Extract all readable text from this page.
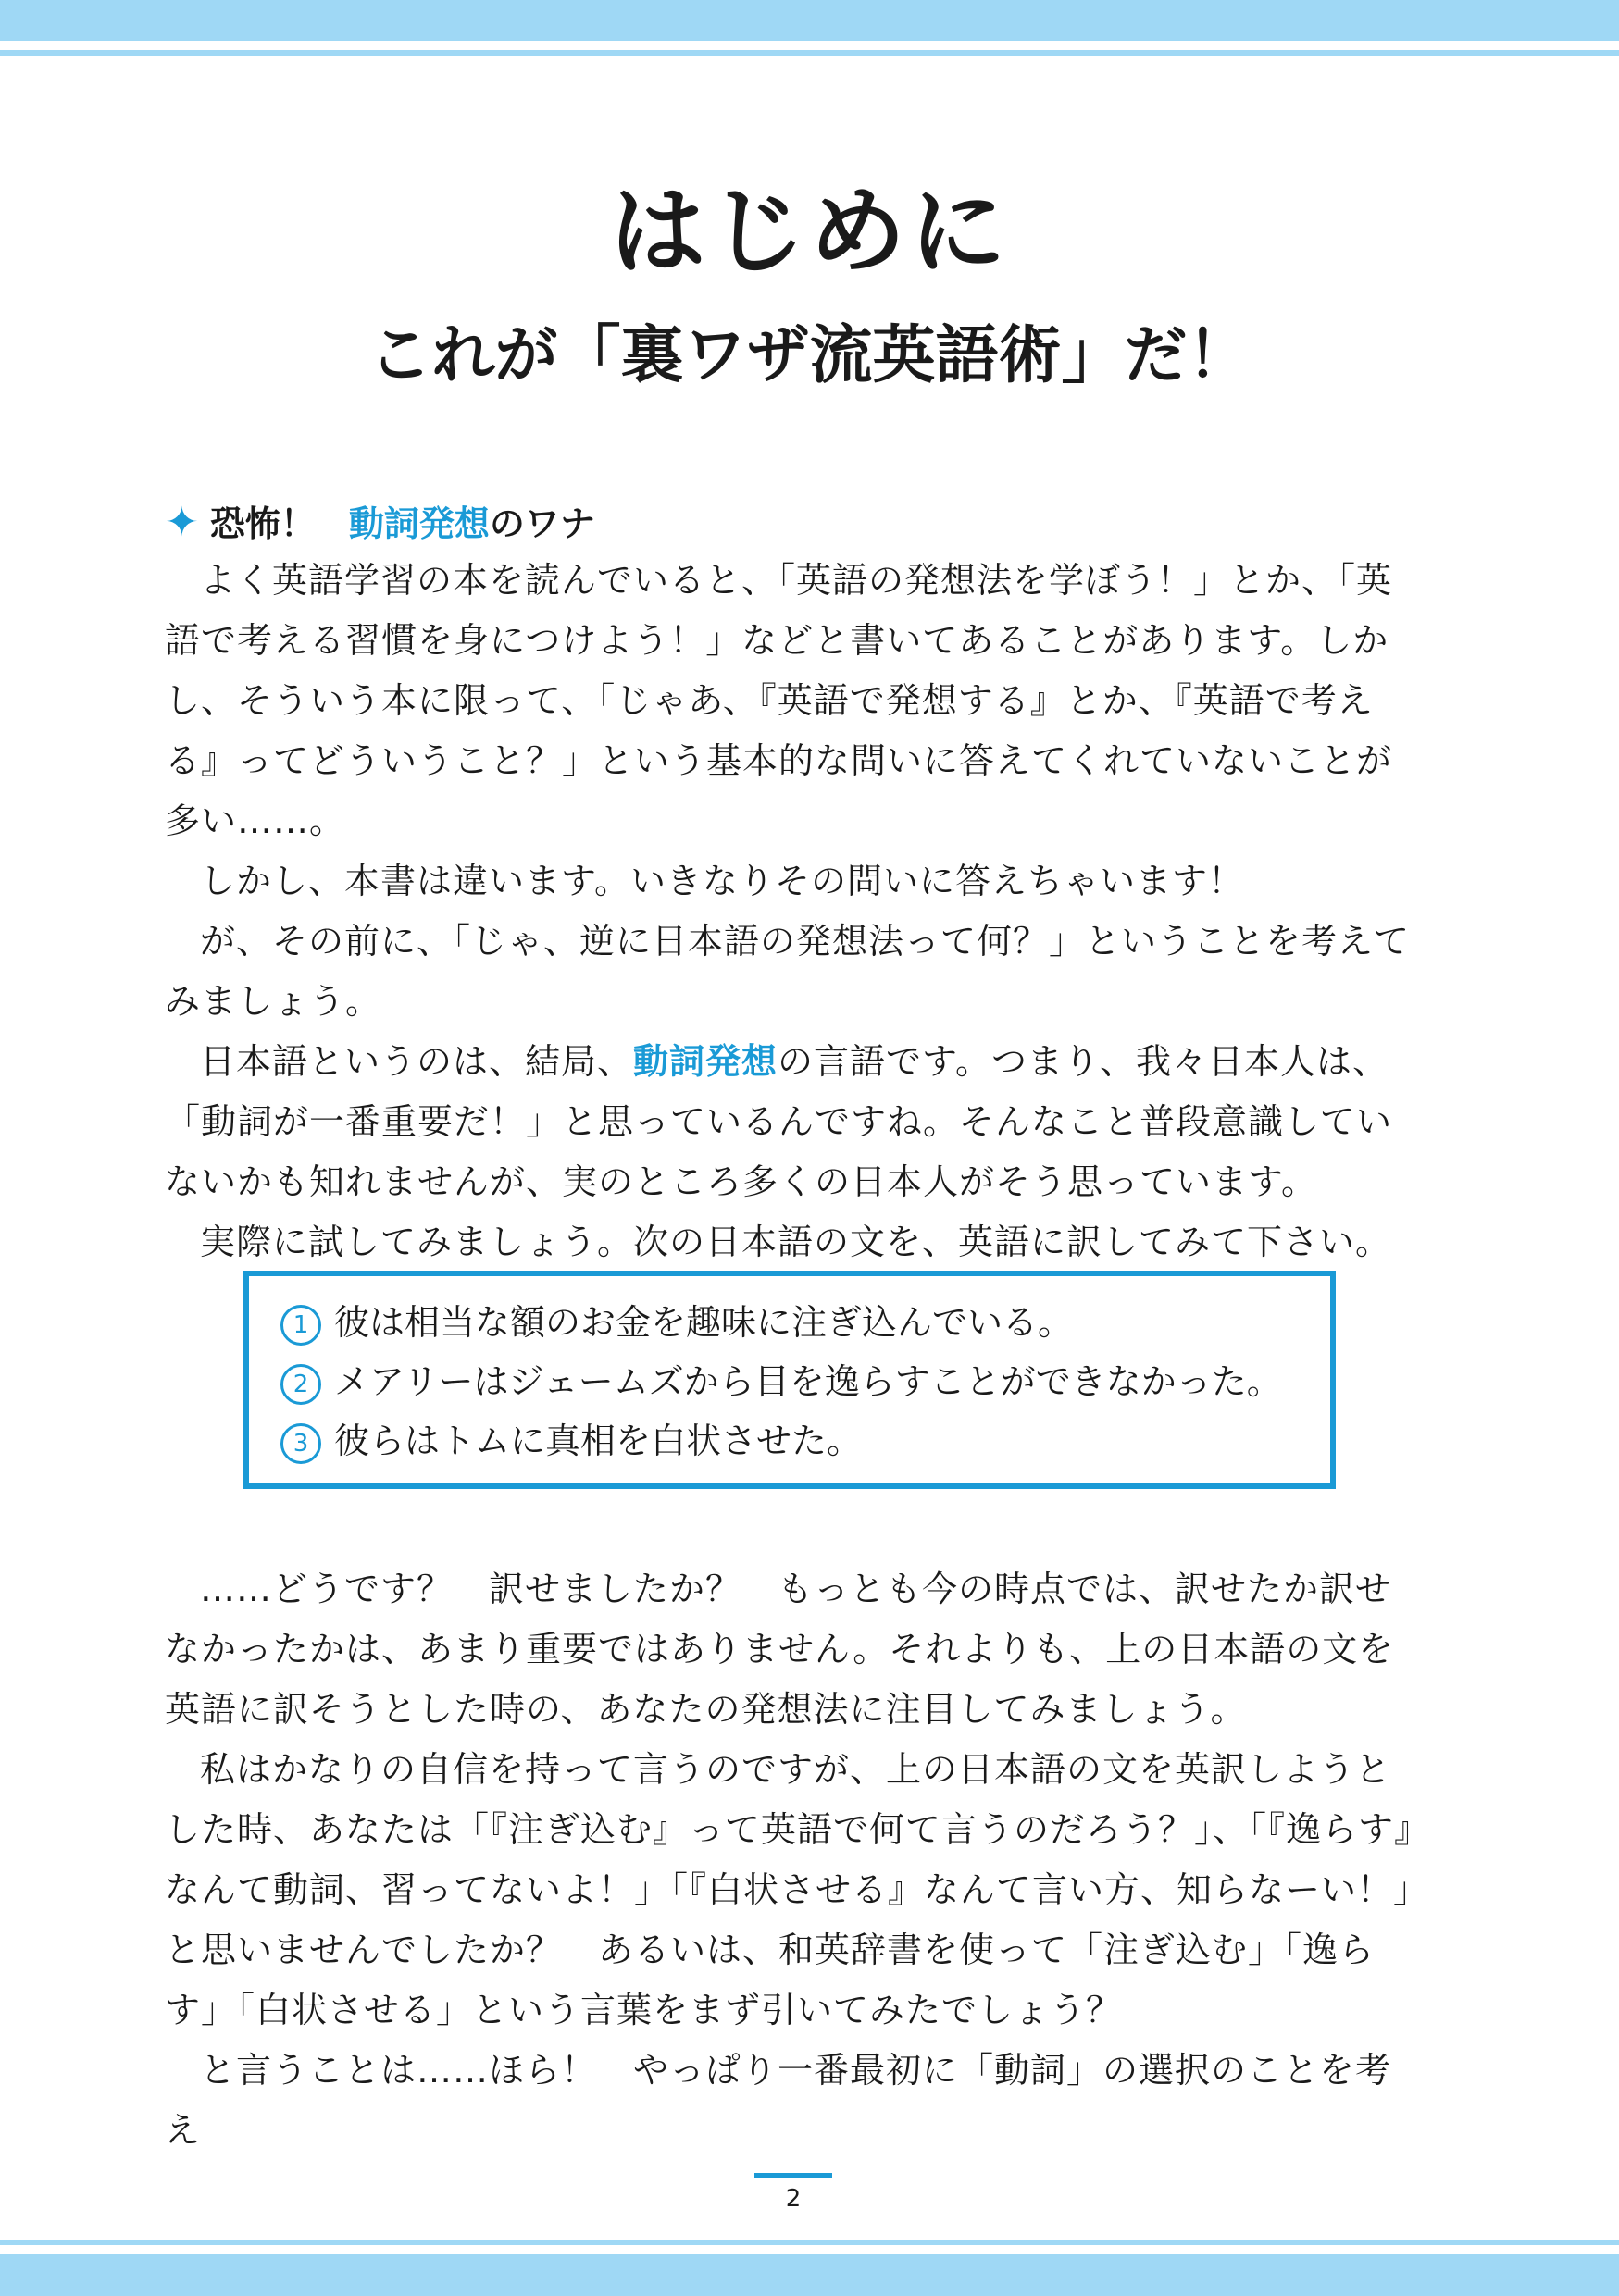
はじめに
これが「裏ワザ流英語術」だ！
✦ 恐怖！ 動詞発想のワナ

よく英語学習の本を読んでいると、「英語の発想法を学ぼう！」とか、「英語で考える習慣を身につけよう！」などと書いてあることがあります。しかし、そういう本に限って、「じゃあ、『英語で発想する』とか、『英語で考える』ってどういうこと？」という基本的な問いに答えてくれていないことが多い……。

しかし、本書は違います。いきなりその問いに答えちゃいます！

が、その前に、「じゃ、逆に日本語の発想法って何？」ということを考えてみましょう。

日本語というのは、結局、動詞発想の言語です。つまり、我々日本人は、「動詞が一番重要だ！」と思っているんですね。そんなこと普段意識していないかも知れませんが、実のところ多くの日本人がそう思っています。

実際に試してみましょう。次の日本語の文を、英語に訳してみて下さい。

1 彼は相当な額のお金を趣味に注ぎ込んでいる。
2 メアリーはジェームズから目を逸らすことができなかった。
3 彼らはトムに真相を白状させた。

……どうです？　訳せましたか？　もっとも今の時点では、訳せたか訳せなかったかは、あまり重要ではありません。それよりも、上の日本語の文を英語に訳そうとした時の、あなたの発想法に注目してみましょう。

私はかなりの自信を持って言うのですが、上の日本語の文を英訳しようとした時、あなたは「『注ぎ込む』って英語で何て言うのだろう？」、「『逸らす』なんて動詞、習ってないよ！」「『白状させる』なんて言い方、知らなーい！」と思いませんでしたか？　あるいは、和英辞書を使って「注ぎ込む」「逸らす」「白状させる」という言葉をまず引いてみたでしょう？

と言うことは……ほら！　やっぱり一番最初に「動詞」の選択のことを考え

2
